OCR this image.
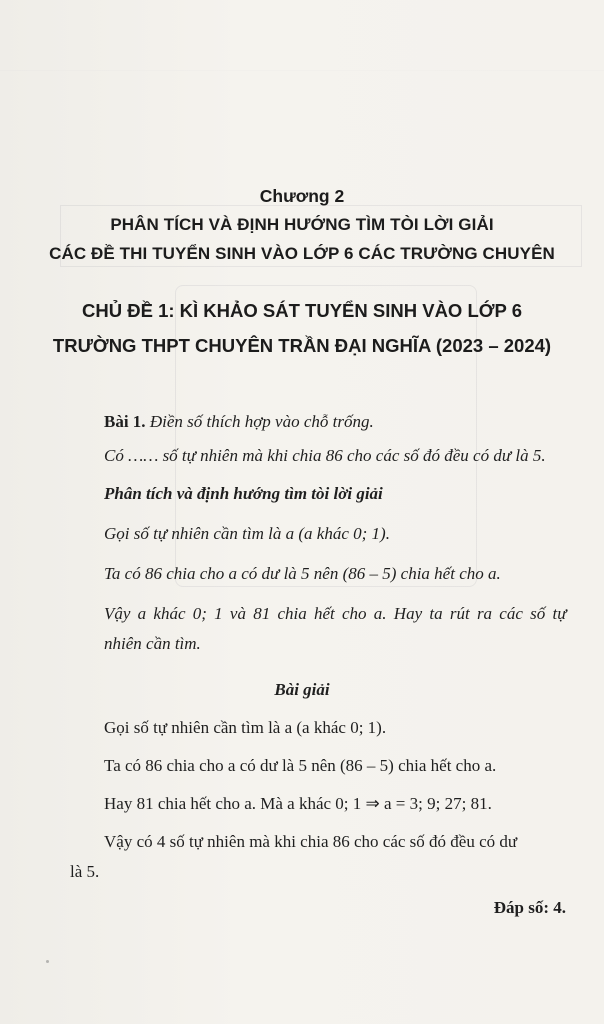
Chương 2
PHÂN TÍCH VÀ ĐỊNH HƯỚNG TÌM TÒI LỜI GIẢI
CÁC ĐỀ THI TUYỂN SINH VÀO LỚP 6 CÁC TRƯỜNG CHUYÊN
CHỦ ĐỀ 1: KÌ KHẢO SÁT TUYỂN SINH VÀO LỚP 6
TRƯỜNG THPT CHUYÊN TRẦN ĐẠI NGHĨA (2023 – 2024)
Bài 1. Điền số thích hợp vào chỗ trống.
Có …… số tự nhiên mà khi chia 86 cho các số đó đều có dư là 5.
Phân tích và định hướng tìm tòi lời giải
Gọi số tự nhiên cần tìm là a (a khác 0; 1).
Ta có 86 chia cho a có dư là 5 nên (86 – 5) chia hết cho a.
Vậy a khác 0; 1 và 81 chia hết cho a. Hay ta rút ra các số tự
nhiên cần tìm.
Bài giải
Gọi số tự nhiên cần tìm là a (a khác 0; 1).
Ta có 86 chia cho a có dư là 5 nên (86 – 5) chia hết cho a.
Hay 81 chia hết cho a. Mà a khác 0; 1 ⇒ a = 3; 9; 27; 81.
Vậy có 4 số tự nhiên mà khi chia 86 cho các số đó đều có dư
là 5.
Đáp số: 4.
